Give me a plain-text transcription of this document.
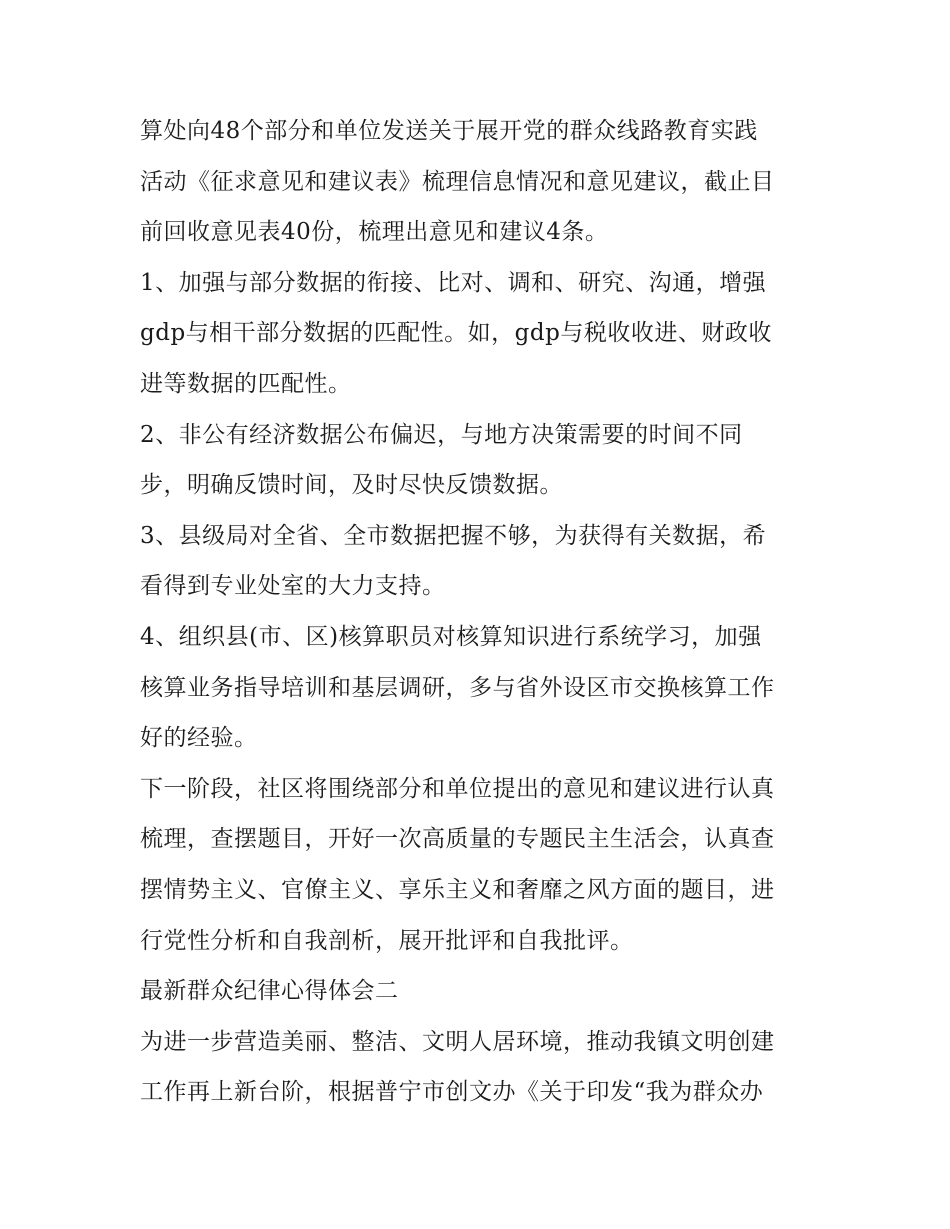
算处向48个部分和单位发送关于展开党的群众线路教育实践
活动《征求意见和建议表》梳理信息情况和意见建议，截止目
前回收意见表40份，梳理出意见和建议4条。
1、加强与部分数据的衔接、比对、调和、研究、沟通，增强
gdp与相干部分数据的匹配性。如，gdp与税收收进、财政收
进等数据的匹配性。
2、非公有经济数据公布偏迟，与地方决策需要的时间不同
步，明确反馈时间，及时尽快反馈数据。
3、县级局对全省、全市数据把握不够，为获得有关数据，希
看得到专业处室的大力支持。
4、组织县(市、区)核算职员对核算知识进行系统学习，加强
核算业务指导培训和基层调研，多与省外设区市交换核算工作
好的经验。
下一阶段，社区将围绕部分和单位提出的意见和建议进行认真
梳理，查摆题目，开好一次高质量的专题民主生活会，认真查
摆情势主义、官僚主义、享乐主义和奢靡之风方面的题目，进
行党性分析和自我剖析，展开批评和自我批评。
最新群众纪律心得体会二
为进一步营造美丽、整洁、文明人居环境，推动我镇文明创建
工作再上新台阶，根据普宁市创文办《关于印发“我为群众办
